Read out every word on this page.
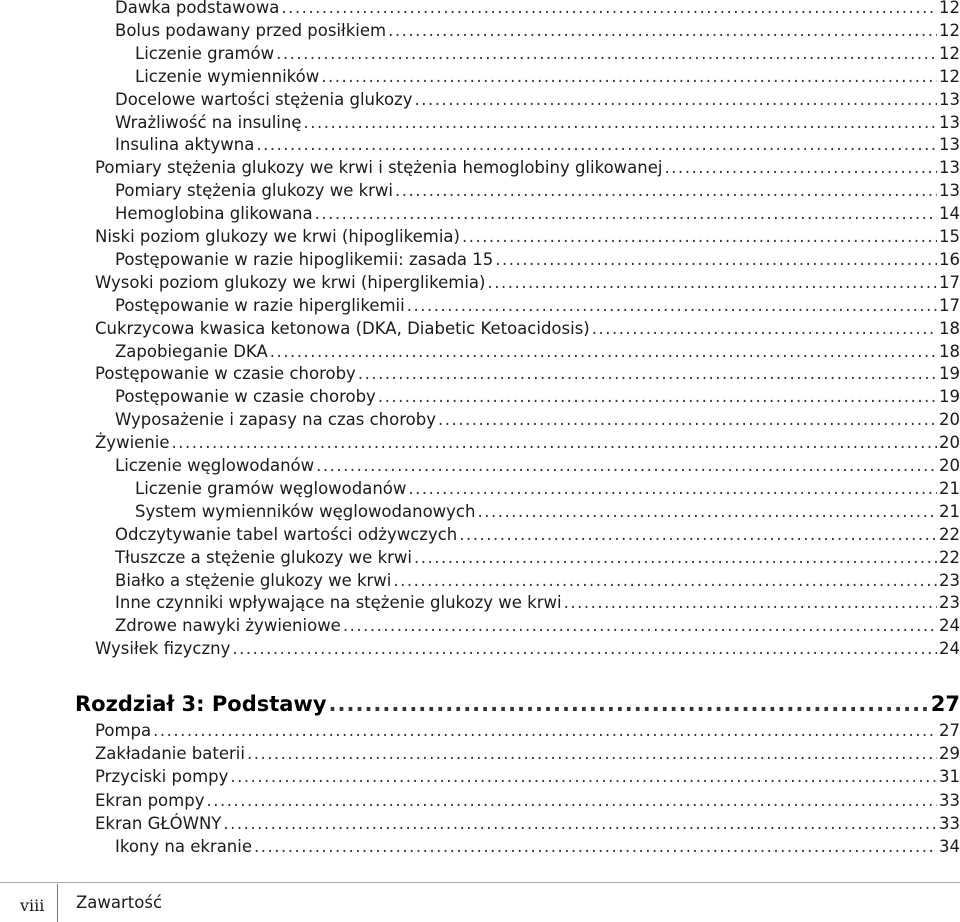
Dawka podstawowa .....	12
Bolus podawany przed posiłkiem .....	12
Liczenie gramów .....	12
Liczenie wymienników .....	12
Docelowe wartości stężenia glukozy .....	13
Wrażliwość na insulinę .....	13
Insulina aktywna .....	13
Pomiary stężenia glukozy we krwi i stężenia hemoglobiny glikowanej .....	13
Pomiary stężenia glukozy we krwi .....	13
Hemoglobina glikowana .....	14
Niski poziom glukozy we krwi (hipoglikemia) .....	15
Postępowanie w razie hipoglikemii: zasada 15 .....	16
Wysoki poziom glukozy we krwi (hiperglikemia) .....	17
Postępowanie w razie hiperglikemii .....	17
Cukrzycowa kwasica ketonowa (DKA, Diabetic Ketoacidosis) .....	18
Zapobieganie DKA .....	18
Postępowanie w czasie choroby .....	19
Postępowanie w czasie choroby .....	19
Wyposażenie i zapasy na czas choroby .....	20
Żywienie .....	20
Liczenie węglowodanów .....	20
Liczenie gramów węglowodanów .....	21
System wymienników węglowodanowych .....	21
Odczytywanie tabel wartości odżywczych .....	22
Tłuszcze a stężenie glukozy we krwi .....	22
Białko a stężenie glukozy we krwi .....	23
Inne czynniki wpływające na stężenie glukozy we krwi .....	23
Zdrowe nawyki żywieniowe .....	24
Wysiłek fizyczny .....	24
Rozdział 3: Podstawy .....	27
Pompa .....	27
Zakładanie baterii .....	29
Przyciski pompy .....	31
Ekran pompy .....	33
Ekran GŁÓWNY .....	33
Ikony na ekranie .....	34
viii Zawartość
